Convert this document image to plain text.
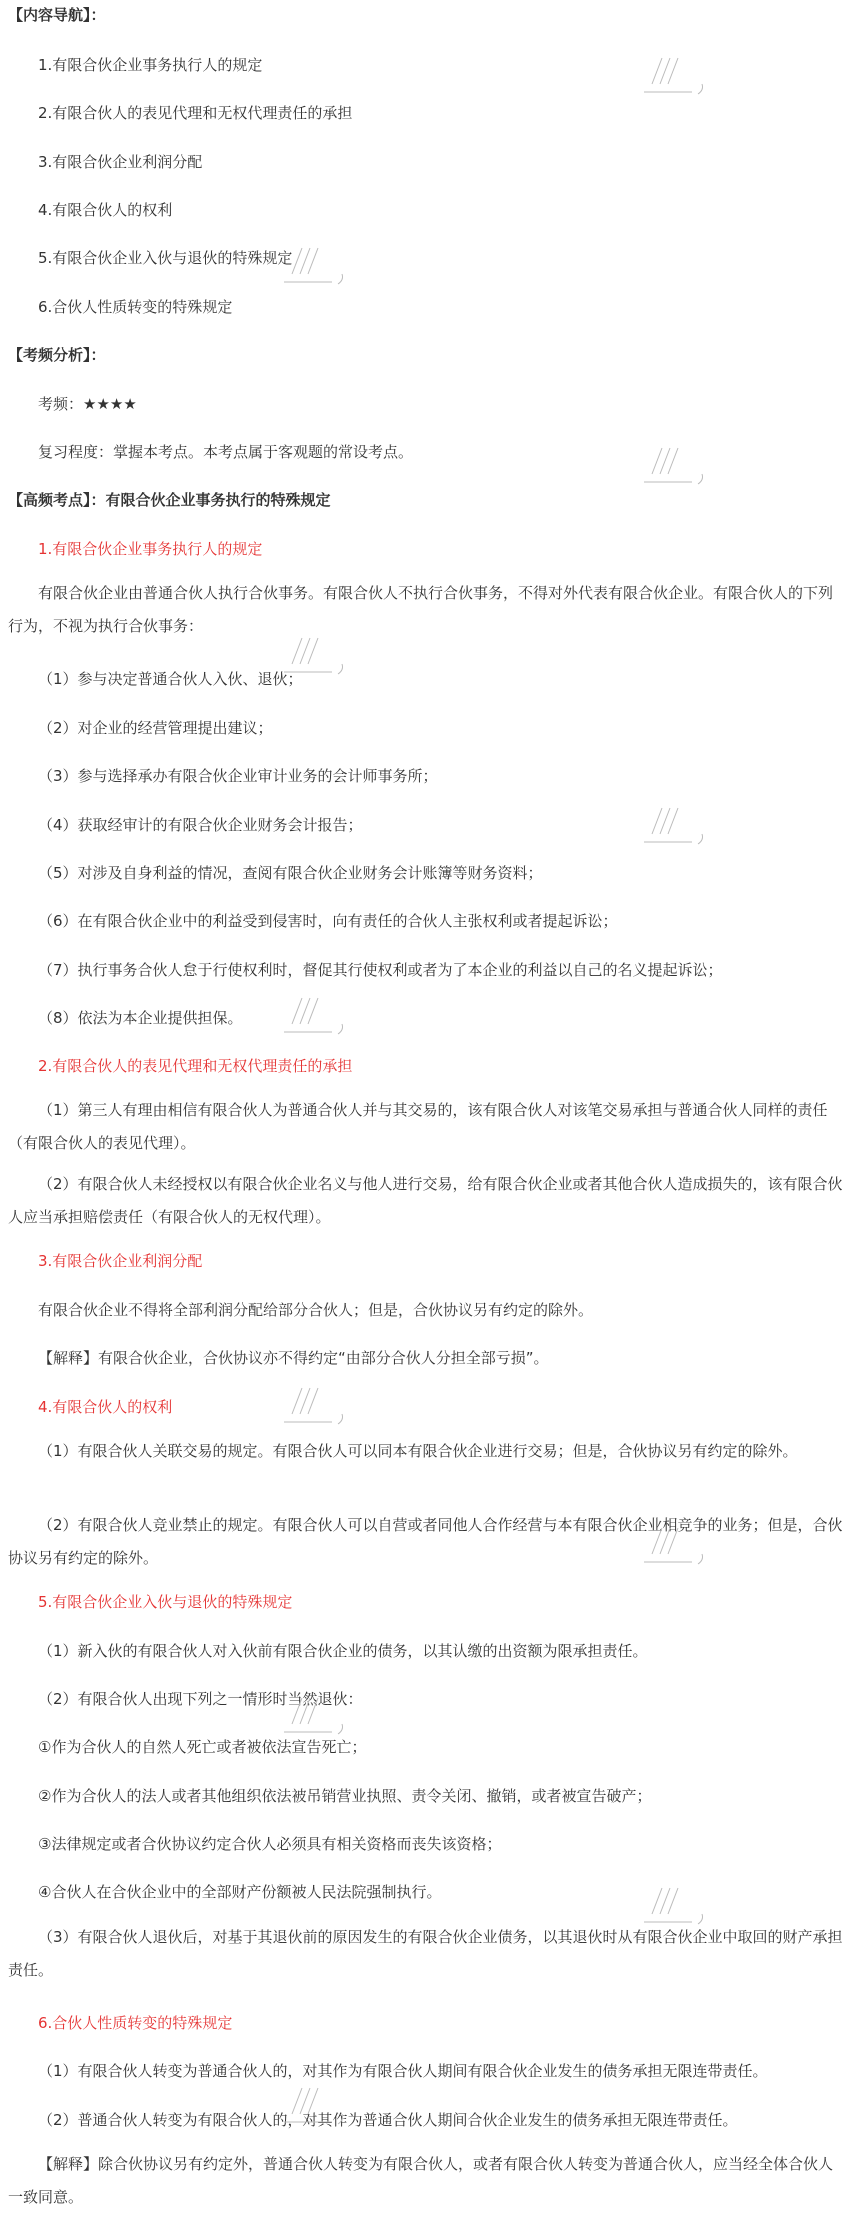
【内容导航】：
1.有限合伙企业事务执行人的规定
2.有限合伙人的表见代理和无权代理责任的承担
3.有限合伙企业利润分配
4.有限合伙人的权利
5.有限合伙企业入伙与退伙的特殊规定
6.合伙人性质转变的特殊规定
【考频分析】：
考频：★★★★
复习程度：掌握本考点。本考点属于客观题的常设考点。
【高频考点】：有限合伙企业事务执行的特殊规定
1.有限合伙企业事务执行人的规定
有限合伙企业由普通合伙人执行合伙事务。有限合伙人不执行合伙事务，不得对外代表有限合伙企业。有限合伙人的下列行为，不视为执行合伙事务：
（1）参与决定普通合伙人入伙、退伙；
（2）对企业的经营管理提出建议；
（3）参与选择承办有限合伙企业审计业务的会计师事务所；
（4）获取经审计的有限合伙企业财务会计报告；
（5）对涉及自身利益的情况，查阅有限合伙企业财务会计账簿等财务资料；
（6）在有限合伙企业中的利益受到侵害时，向有责任的合伙人主张权利或者提起诉讼；
（7）执行事务合伙人怠于行使权利时，督促其行使权利或者为了本企业的利益以自己的名义提起诉讼；
（8）依法为本企业提供担保。
2.有限合伙人的表见代理和无权代理责任的承担
（1）第三人有理由相信有限合伙人为普通合伙人并与其交易的，该有限合伙人对该笔交易承担与普通合伙人同样的责任（有限合伙人的表见代理）。
（2）有限合伙人未经授权以有限合伙企业名义与他人进行交易，给有限合伙企业或者其他合伙人造成损失的，该有限合伙人应当承担赔偿责任（有限合伙人的无权代理）。
3.有限合伙企业利润分配
有限合伙企业不得将全部利润分配给部分合伙人；但是，合伙协议另有约定的除外。
【解释】有限合伙企业，合伙协议亦不得约定“由部分合伙人分担全部亏损”。
4.有限合伙人的权利
（1）有限合伙人关联交易的规定。有限合伙人可以同本有限合伙企业进行交易；但是，合伙协议另有约定的除外。
（2）有限合伙人竞业禁止的规定。有限合伙人可以自营或者同他人合作经营与本有限合伙企业相竞争的业务；但是，合伙协议另有约定的除外。
5.有限合伙企业入伙与退伙的特殊规定
（1）新入伙的有限合伙人对入伙前有限合伙企业的债务，以其认缴的出资额为限承担责任。
（2）有限合伙人出现下列之一情形时当然退伙：
①作为合伙人的自然人死亡或者被依法宣告死亡；
②作为合伙人的法人或者其他组织依法被吊销营业执照、责令关闭、撤销，或者被宣告破产；
③法律规定或者合伙协议约定合伙人必须具有相关资格而丧失该资格；
④合伙人在合伙企业中的全部财产份额被人民法院强制执行。
（3）有限合伙人退伙后，对基于其退伙前的原因发生的有限合伙企业债务，以其退伙时从有限合伙企业中取回的财产承担责任。
6.合伙人性质转变的特殊规定
（1）有限合伙人转变为普通合伙人的，对其作为有限合伙人期间有限合伙企业发生的债务承担无限连带责任。
（2）普通合伙人转变为有限合伙人的，对其作为普通合伙人期间合伙企业发生的债务承担无限连带责任。
【解释】除合伙协议另有约定外，普通合伙人转变为有限合伙人，或者有限合伙人转变为普通合伙人，应当经全体合伙人一致同意。
